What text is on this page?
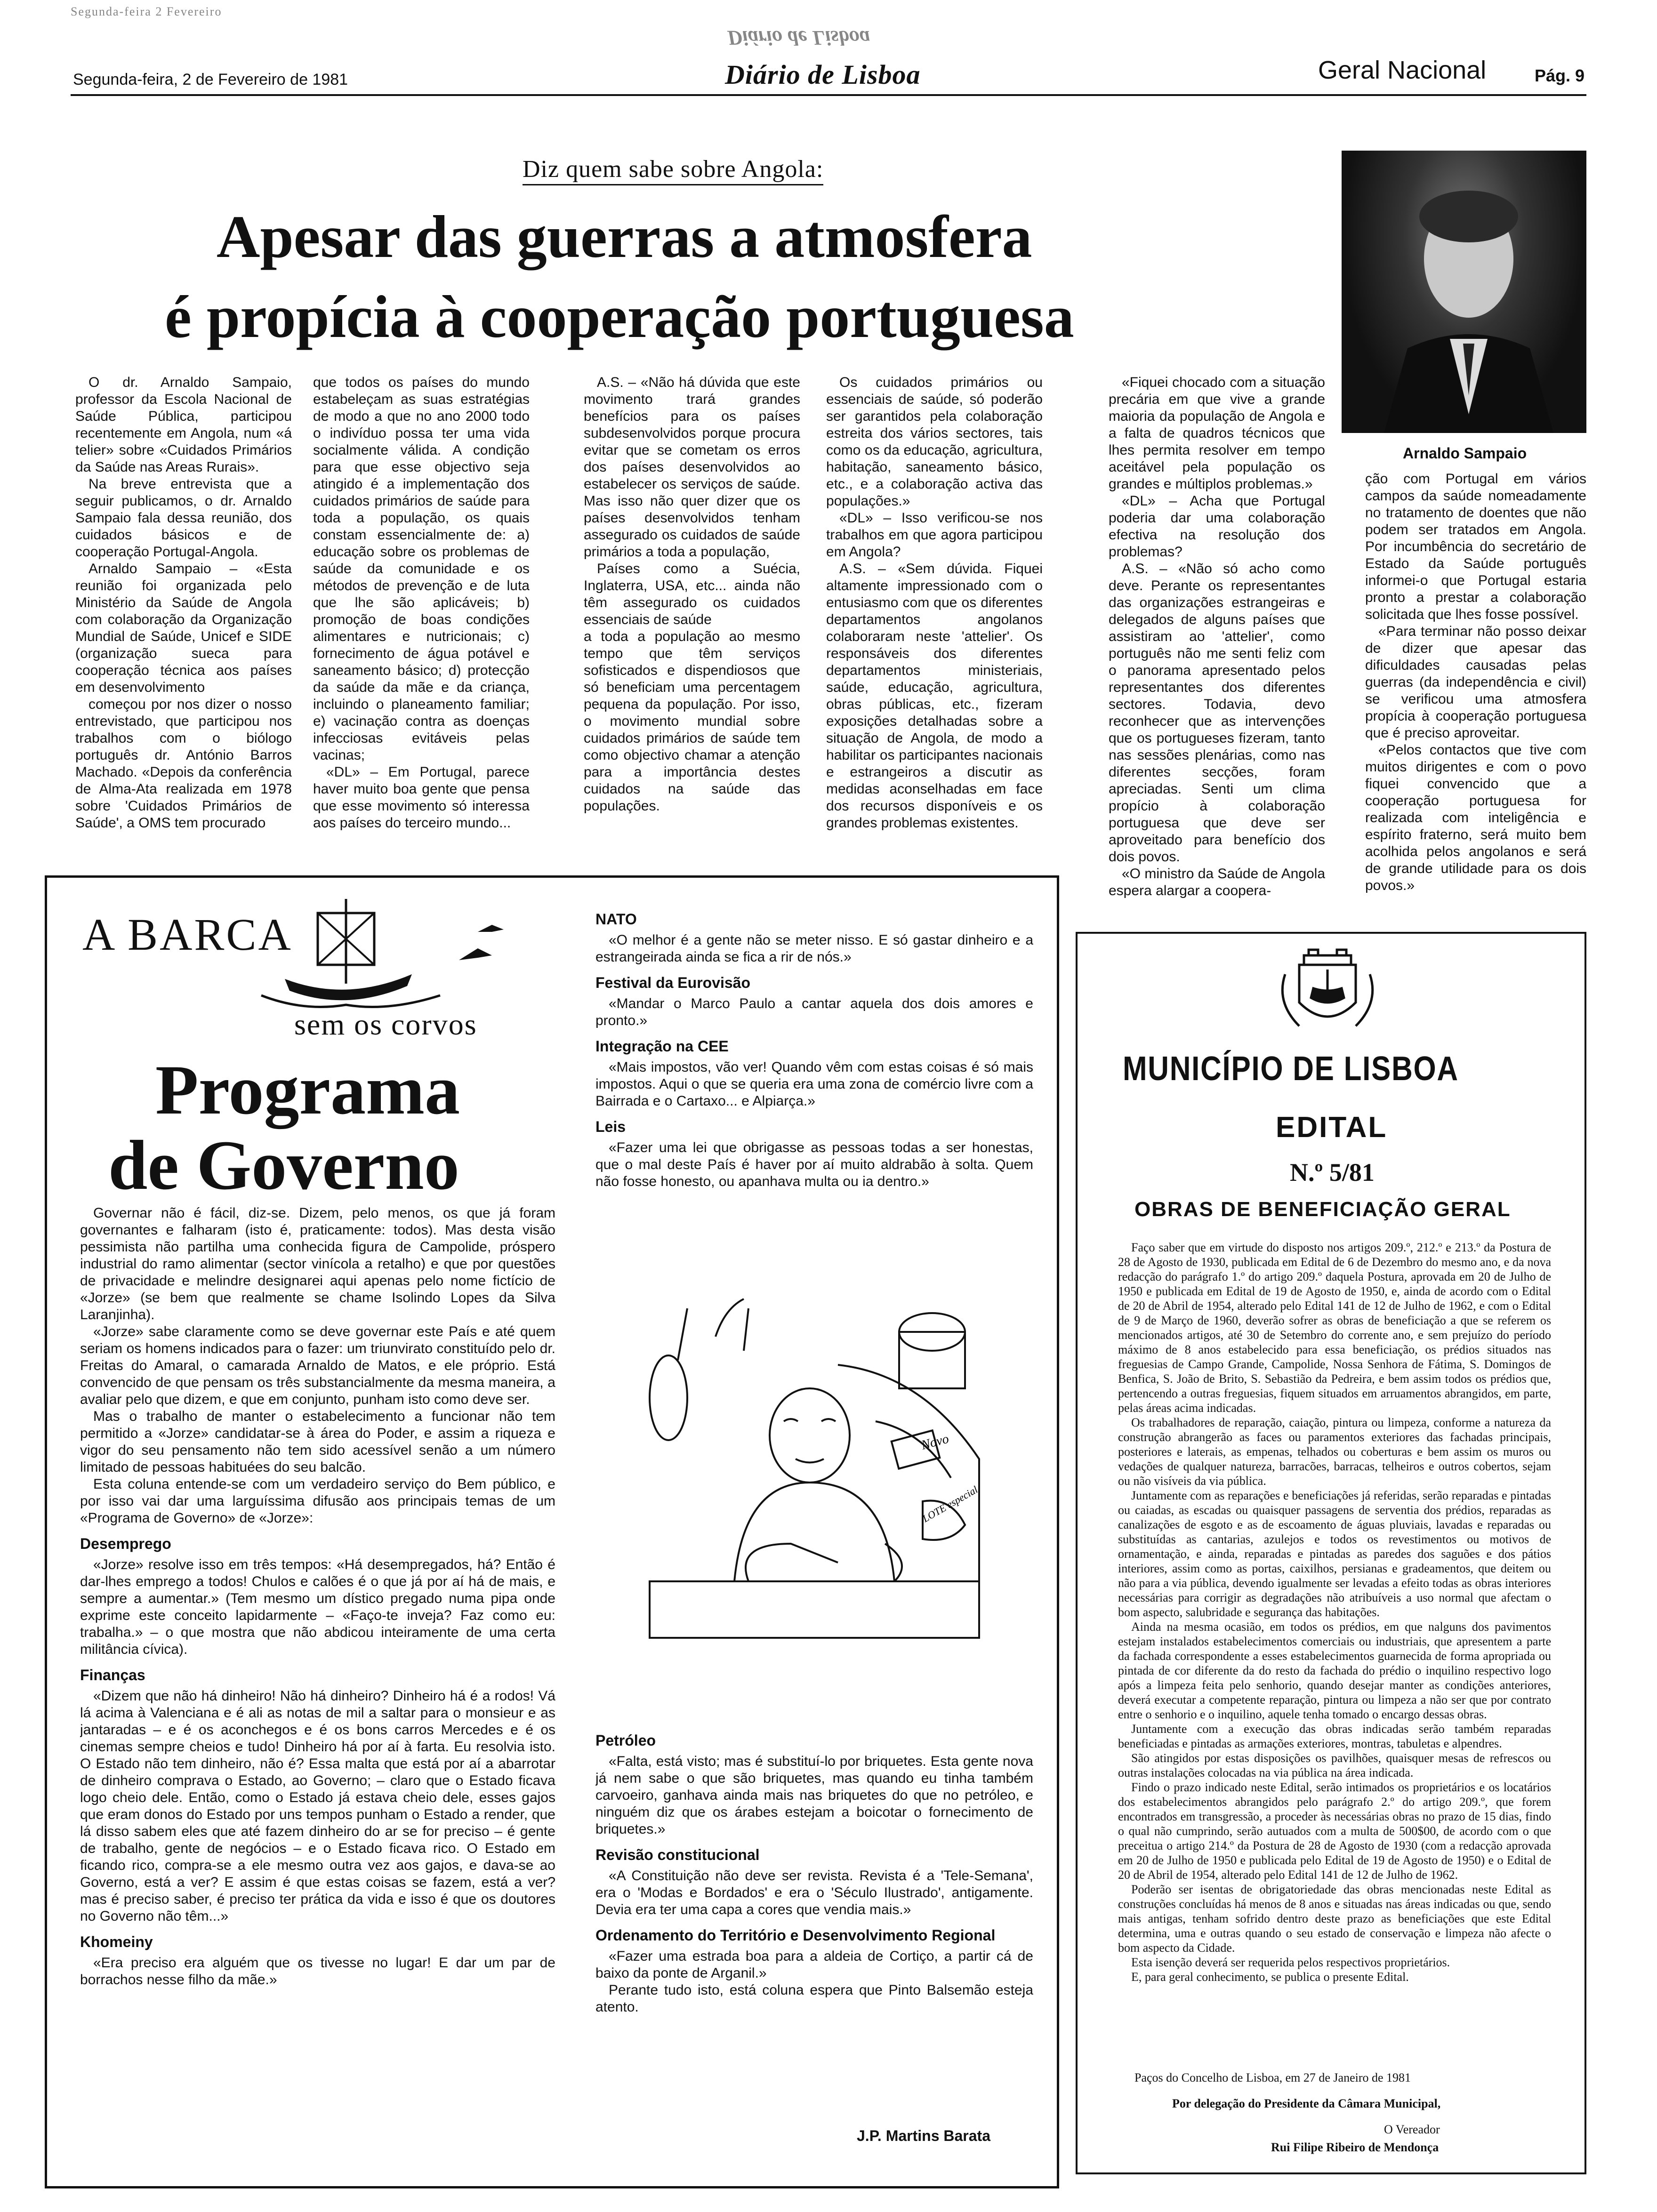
Segunda-feira 2 Fevereiro
Segunda-feira, 2 de Fevereiro de 1981	Diário de Lisboa
Diário de Lisboa
Geral Nacional	Pág. 9
Diz quem sabe sobre Angola:
Apesar das guerras a atmosfera
é propícia à cooperação portuguesa
Arnaldo Sampaio

O dr. Arnaldo Sampaio, professor da Escola Nacional de Saúde Pública, participou recentemente em Angola, num «á telier» sobre «Cuidados Primários da Saúde nas Areas Rurais».

Na breve entrevista que a seguir publicamos, o dr. Arnaldo Sampaio fala dessa reunião, dos cuidados básicos e de cooperação Portugal-Angola.

Arnaldo Sampaio – «Esta reunião foi organizada pelo Ministério da Saúde de Angola com colaboração da Organização Mundial de Saúde, Unicef e SIDE (organização sueca para cooperação técnica aos países em desenvolvimento

começou por nos dizer o nosso entrevistado, que participou nos trabalhos com o biólogo português dr. António Barros Machado. «Depois da conferência de Alma-Ata realizada em 1978 sobre 'Cuidados Primários de Saúde', a OMS tem procurado

que todos os países do mundo estabeleçam as suas estratégias de modo a que no ano 2000 todo o indivíduo possa ter uma vida socialmente válida. A condição para que esse objectivo seja atingido é a implementação dos cuidados primários de saúde para toda a população, os quais constam essencialmente de: a) educação sobre os problemas de saúde da comunidade e os métodos de prevenção e de luta que lhe são aplicáveis; b) promoção de boas condições alimentares e nutricionais; c) fornecimento de água potável e saneamento básico; d) protecção da saúde da mãe e da criança, incluindo o planeamento familiar; e) vacinação contra as doenças infecciosas evitáveis pelas vacinas;

«DL» – Em Portugal, parece haver muito boa gente que pensa que esse movimento só interessa aos países do terceiro mundo...

A.S. – «Não há dúvida que este movimento trará grandes benefícios para os países subdesenvolvidos porque procura evitar que se cometam os erros dos países desenvolvidos ao estabelecer os serviços de saúde. Mas isso não quer dizer que os países desenvolvidos tenham assegurado os cuidados de saúde primários a toda a população,

Países como a Suécia, Inglaterra, USA, etc... ainda não têm assegurado os cuidados essenciais de saúde

a toda a população ao mesmo tempo que têm serviços sofisticados e dispendiosos que só beneficiam uma percentagem pequena da população. Por isso, o movimento mundial sobre cuidados primários de saúde tem como objectivo chamar a atenção para a importância destes cuidados na saúde das populações.

Os cuidados primários ou essenciais de saúde, só poderão ser garantidos pela colaboração estreita dos vários sectores, tais como os da educação, agricultura, habitação, saneamento básico, etc., e a colaboração activa das populações.»

«DL» – Isso verificou-se nos trabalhos em que agora participou em Angola?

A.S. – «Sem dúvida. Fiquei altamente impressionado com o entusiasmo com que os diferentes departamentos angolanos colaboraram neste 'attelier'. Os responsáveis dos diferentes departamentos ministeriais, saúde, educação, agricultura, obras públicas, etc., fizeram exposições detalhadas sobre a situação de Angola, de modo a habilitar os participantes nacionais e estrangeiros a discutir as medidas aconselhadas em face dos recursos disponíveis e os grandes problemas existentes.

«Fiquei chocado com a situação precária em que vive a grande maioria da população de Angola e a falta de quadros técnicos que lhes permita resolver em tempo aceitável pela população os grandes e múltiplos problemas.»

«DL» – Acha que Portugal poderia dar uma colaboração efectiva na resolução dos problemas?

A.S. – «Não só acho como deve. Perante os representantes das organizações estrangeiras e delegados de alguns países que assistiram ao 'attelier', como português não me senti feliz com o panorama apresentado pelos representantes dos diferentes sectores. Todavia, devo reconhecer que as intervenções que os portugueses fizeram, tanto nas sessões plenárias, como nas diferentes secções, foram apreciadas. Senti um clima propício à colaboração portuguesa que deve ser aproveitado para benefício dos dois povos.

«O ministro da Saúde de Angola espera alargar a coopera-

ção com Portugal em vários campos da saúde nomeadamente no tratamento de doentes que não podem ser tratados em Angola. Por incumbência do secretário de Estado da Saúde português informei-o que Portugal estaria pronto a prestar a colaboração solicitada que lhes fosse possível.

«Para terminar não posso deixar de dizer que apesar das dificuldades causadas pelas guerras (da independência e civil) se verificou uma atmosfera propícia à cooperação portuguesa que é preciso aproveitar.

«Pelos contactos que tive com muitos dirigentes e com o povo fiquei convencido que a cooperação portuguesa for realizada com inteligência e espírito fraterno, será muito bem acolhida pelos angolanos e será de grande utilidade para os dois povos.»

A BARCA
sem os corvos
Programa
de Governo

Governar não é fácil, diz-se. Dizem, pelo menos, os que já foram governantes e falharam (isto é, praticamente: todos). Mas desta visão pessimista não partilha uma conhecida figura de Campolide, próspero industrial do ramo alimentar (sector vinícola a retalho) e que por questões de privacidade e melindre designarei aqui apenas pelo nome fictício de «Jorze» (se bem que realmente se chame Isolindo Lopes da Silva Laranjinha).

«Jorze» sabe claramente como se deve governar este País e até quem seriam os homens indicados para o fazer: um triunvirato constituído pelo dr. Freitas do Amaral, o camarada Arnaldo de Matos, e ele próprio. Está convencido de que pensam os três substancialmente da mesma maneira, a avaliar pelo que dizem, e que em conjunto, punham isto como deve ser.

Mas o trabalho de manter o estabelecimento a funcionar não tem permitido a «Jorze» candidatar-se à área do Poder, e assim a riqueza e vigor do seu pensamento não tem sido acessível senão a um número limitado de pessoas habituées do seu balcão.

Esta coluna entende-se com um verdadeiro serviço do Bem público, e por isso vai dar uma larguíssima difusão aos principais temas de um «Programa de Governo» de «Jorze»:

Desemprego

«Jorze» resolve isso em três tempos: «Há desempregados, há? Então é dar-lhes emprego a todos! Chulos e calões é o que já por aí há de mais, e sempre a aumentar.» (Tem mesmo um dístico pregado numa pipa onde exprime este conceito lapidarmente – «Faço-te inveja? Faz como eu: trabalha.» – o que mostra que não abdicou inteiramente de uma certa militância cívica).

Finanças

«Dizem que não há dinheiro! Não há dinheiro? Dinheiro há é a rodos! Vá lá acima à Valenciana e é ali as notas de mil a saltar para o monsieur e as jantaradas – e é os aconchegos e é os bons carros Mercedes e é os cinemas sempre cheios e tudo! Dinheiro há por aí à farta. Eu resolvia isto. O Estado não tem dinheiro, não é? Essa malta que está por aí a abarrotar de dinheiro comprava o Estado, ao Governo; – claro que o Estado ficava logo cheio dele. Então, como o Estado já estava cheio dele, esses gajos que eram donos do Estado por uns tempos punham o Estado a render, que lá disso sabem eles que até fazem dinheiro do ar se for preciso – é gente de trabalho, gente de negócios – e o Estado ficava rico. O Estado em ficando rico, compra-se a ele mesmo outra vez aos gajos, e dava-se ao Governo, está a ver? E assim é que estas coisas se fazem, está a ver? mas é preciso saber, é preciso ter prática da vida e isso é que os doutores no Governo não têm...»

Khomeiny

«Era preciso era alguém que os tivesse no lugar! E dar um par de borrachos nesse filho da mãe.»

NATO

«O melhor é a gente não se meter nisso. E só gastar dinheiro e a estrangeirada ainda se fica a rir de nós.»

Festival da Eurovisão

«Mandar o Marco Paulo a cantar aquela dos dois amores e pronto.»

Integração na CEE

«Mais impostos, vão ver! Quando vêm com estas coisas é só mais impostos. Aqui o que se queria era uma zona de comércio livre com a Bairrada e o Cartaxo... e Alpiarça.»

Leis

«Fazer uma lei que obrigasse as pessoas todas a ser honestas, que o mal deste País é haver por aí muito aldrabão à solta. Quem não fosse honesto, ou apanhava multa ou ia dentro.»

Novo
LOTE especial
Petróleo

«Falta, está visto; mas é substituí-lo por briquetes. Esta gente nova já nem sabe o que são briquetes, mas quando eu tinha também carvoeiro, ganhava ainda mais nas briquetes do que no petróleo, e ninguém diz que os árabes estejam a boicotar o fornecimento de briquetes.»

Revisão constitucional

«A Constituição não deve ser revista. Revista é a 'Tele-Semana', era o 'Modas e Bordados' e era o 'Século Ilustrado', antigamente. Devia era ter uma capa a cores que vendia mais.»

Ordenamento do Território e Desenvolvimento Regional

«Fazer uma estrada boa para a aldeia de Cortiço, a partir cá de baixo da ponte de Arganil.»

Perante tudo isto, está coluna espera que Pinto Balsemão esteja atento.

J.P. Martins Barata
MUNICÍPIO DE LISBOA
EDITAL
N.º 5/81
OBRAS DE BENEFICIAÇÃO GERAL

Faço saber que em virtude do disposto nos artigos 209.º, 212.º e 213.º da Postura de 28 de Agosto de 1930, publicada em Edital de 6 de Dezembro do mesmo ano, e da nova redacção do parágrafo 1.º do artigo 209.º daquela Postura, aprovada em 20 de Julho de 1950 e publicada em Edital de 19 de Agosto de 1950, e, ainda de acordo com o Edital de 20 de Abril de 1954, alterado pelo Edital 141 de 12 de Julho de 1962, e com o Edital de 9 de Março de 1960, deverão sofrer as obras de beneficiação a que se referem os mencionados artigos, até 30 de Setembro do corrente ano, e sem prejuízo do período máximo de 8 anos estabelecido para essa beneficiação, os prédios situados nas freguesias de Campo Grande, Campolide, Nossa Senhora de Fátima, S. Domingos de Benfica, S. João de Brito, S. Sebastião da Pedreira, e bem assim todos os prédios que, pertencendo a outras freguesias, fiquem situados em arruamentos abrangidos, em parte, pelas áreas acima indicadas.

Os trabalhadores de reparação, caiação, pintura ou limpeza, conforme a natureza da construção abrangerão as faces ou paramentos exteriores das fachadas principais, posteriores e laterais, as empenas, telhados ou coberturas e bem assim os muros ou vedações de qualquer natureza, barracões, barracas, telheiros e outros cobertos, sejam ou não visíveis da via pública.

Juntamente com as reparações e beneficiações já referidas, serão reparadas e pintadas ou caiadas, as escadas ou quaisquer passagens de serventia dos prédios, reparadas as canalizações de esgoto e as de escoamento de águas pluviais, lavadas e reparadas ou substituídas as cantarias, azulejos e todos os revestimentos ou motivos de ornamentação, e ainda, reparadas e pintadas as paredes dos saguões e dos pátios interiores, assim como as portas, caixilhos, persianas e gradeamentos, que deitem ou não para a via pública, devendo igualmente ser levadas a efeito todas as obras interiores necessárias para corrigir as degradações não atribuíveis a uso normal que afectam o bom aspecto, salubridade e segurança das habitações.

Ainda na mesma ocasião, em todos os prédios, em que nalguns dos pavimentos estejam instalados estabelecimentos comerciais ou industriais, que apresentem a parte da fachada correspondente a esses estabelecimentos guarnecida de forma apropriada ou pintada de cor diferente da do resto da fachada do prédio o inquilino respectivo logo após a limpeza feita pelo senhorio, quando desejar manter as condições anteriores, deverá executar a competente reparação, pintura ou limpeza a não ser que por contrato entre o senhorio e o inquilino, aquele tenha tomado o encargo dessas obras.

Juntamente com a execução das obras indicadas serão também reparadas beneficiadas e pintadas as armações exteriores, montras, tabuletas e alpendres.

São atingidos por estas disposições os pavilhões, quaisquer mesas de refrescos ou outras instalações colocadas na via pública na área indicada.

Findo o prazo indicado neste Edital, serão intimados os proprietários e os locatários dos estabelecimentos abrangidos pelo parágrafo 2.º do artigo 209.º, que forem encontrados em transgressão, a proceder às necessárias obras no prazo de 15 dias, findo o qual não cumprindo, serão autuados com a multa de 500$00, de acordo com o que preceitua o artigo 214.º da Postura de 28 de Agosto de 1930 (com a redacção aprovada em 20 de Julho de 1950 e publicada pelo Edital de 19 de Agosto de 1950) e o Edital de 20 de Abril de 1954, alterado pelo Edital 141 de 12 de Julho de 1962.

Poderão ser isentas de obrigatoriedade das obras mencionadas neste Edital as construções concluídas há menos de 8 anos e situadas nas áreas indicadas ou que, sendo mais antigas, tenham sofrido dentro deste prazo as beneficiações que este Edital determina, uma e outras quando o seu estado de conservação e limpeza não afecte o bom aspecto da Cidade.

Esta isenção deverá ser requerida pelos respectivos proprietários.

E, para geral conhecimento, se publica o presente Edital.

Paços do Concelho de Lisboa, em 27 de Janeiro de 1981
Por delegação do Presidente da Câmara Municipal,
O Vereador
Rui Filipe Ribeiro de Mendonça
